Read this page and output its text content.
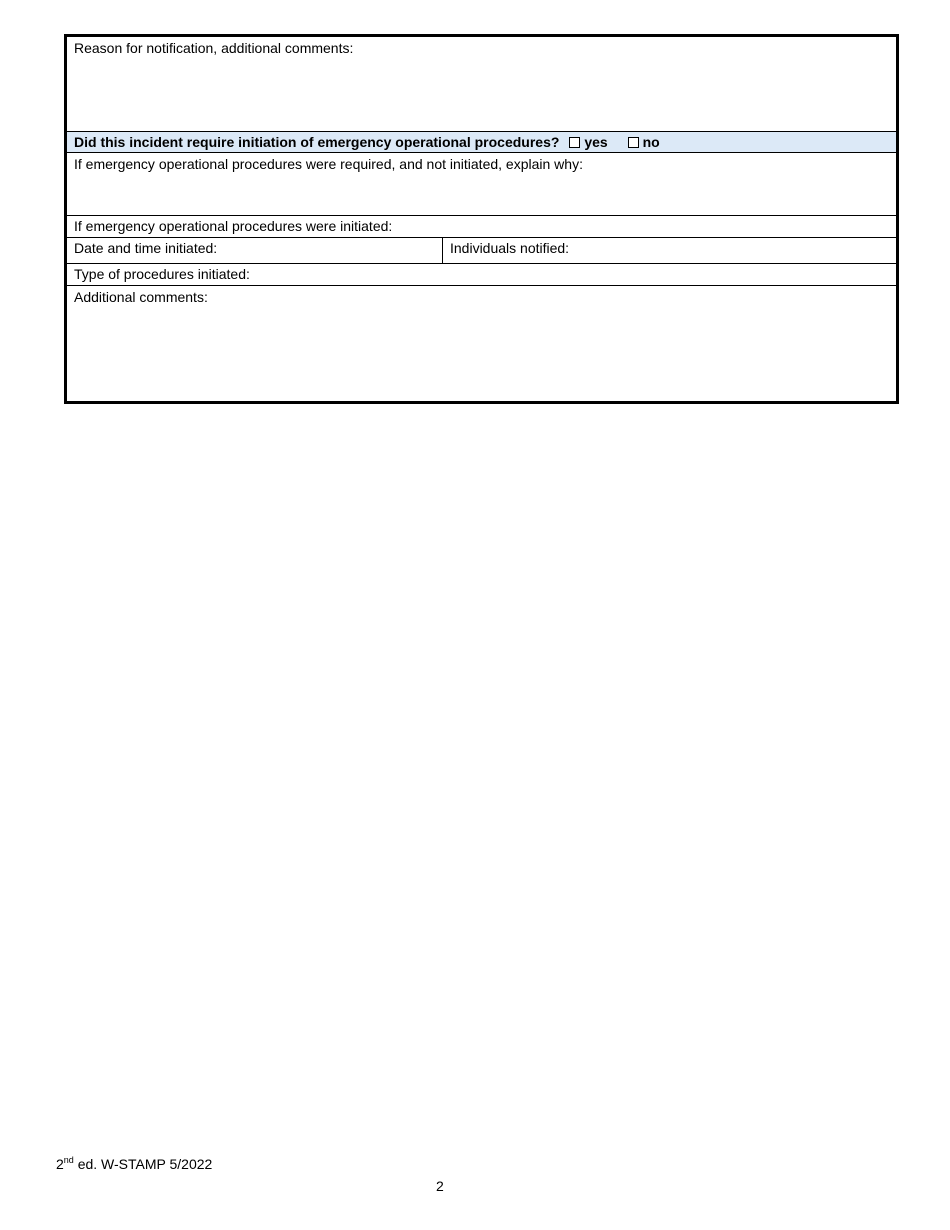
Reason for notification, additional comments:
Did this incident require initiation of emergency operational procedures? yes no
If emergency operational procedures were required, and not initiated, explain why:
If emergency operational procedures were initiated:
Date and time initiated:	Individuals notified:
Type of procedures initiated:
Additional comments:
2nd ed. W-STAMP 5/2022
2
